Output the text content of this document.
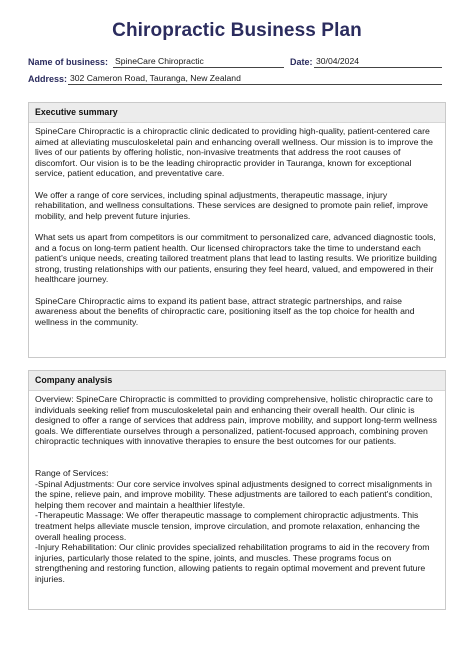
Chiropractic Business Plan
Name of business: SpineCare Chiropractic	Date: 30/04/2024
Address: 302 Cameron Road, Tauranga, New Zealand
Executive summary

SpineCare Chiropractic is a chiropractic clinic dedicated to providing high-quality, patient-centered care aimed at alleviating musculoskeletal pain and enhancing overall wellness. Our mission is to improve the lives of our patients by offering holistic, non-invasive treatments that address the root causes of discomfort. Our vision is to be the leading chiropractic provider in Tauranga, known for exceptional service, patient education, and preventative care.

We offer a range of core services, including spinal adjustments, therapeutic massage, injury rehabilitation, and wellness consultations. These services are designed to promote pain relief, improve mobility, and help prevent future injuries.

What sets us apart from competitors is our commitment to personalized care, advanced diagnostic tools, and a focus on long-term patient health. Our licensed chiropractors take the time to understand each patient's unique needs, creating tailored treatment plans that lead to lasting results. We prioritize building strong, trusting relationships with our patients, ensuring they feel heard, valued, and empowered in their healthcare journey.

SpineCare Chiropractic aims to expand its patient base, attract strategic partnerships, and raise awareness about the benefits of chiropractic care, positioning itself as the top choice for health and wellness in the community.

Company analysis

Overview: SpineCare Chiropractic is committed to providing comprehensive, holistic chiropractic care to individuals seeking relief from musculoskeletal pain and enhancing their overall health. Our clinic is designed to offer a range of services that address pain, improve mobility, and support long-term wellness goals. We differentiate ourselves through a personalized, patient-focused approach, combining proven chiropractic techniques with innovative therapies to ensure the best outcomes for our patients.

Range of Services:

-Spinal Adjustments: Our core service involves spinal adjustments designed to correct misalignments in the spine, relieve pain, and improve mobility. These adjustments are tailored to each patient's condition, helping them recover and maintain a healthier lifestyle.

-Therapeutic Massage: We offer therapeutic massage to complement chiropractic adjustments. This treatment helps alleviate muscle tension, improve circulation, and promote relaxation, enhancing the overall healing process.

-Injury Rehabilitation: Our clinic provides specialized rehabilitation programs to aid in the recovery from injuries, particularly those related to the spine, joints, and muscles. These programs focus on strengthening and restoring function, allowing patients to regain optimal movement and prevent future injuries.
